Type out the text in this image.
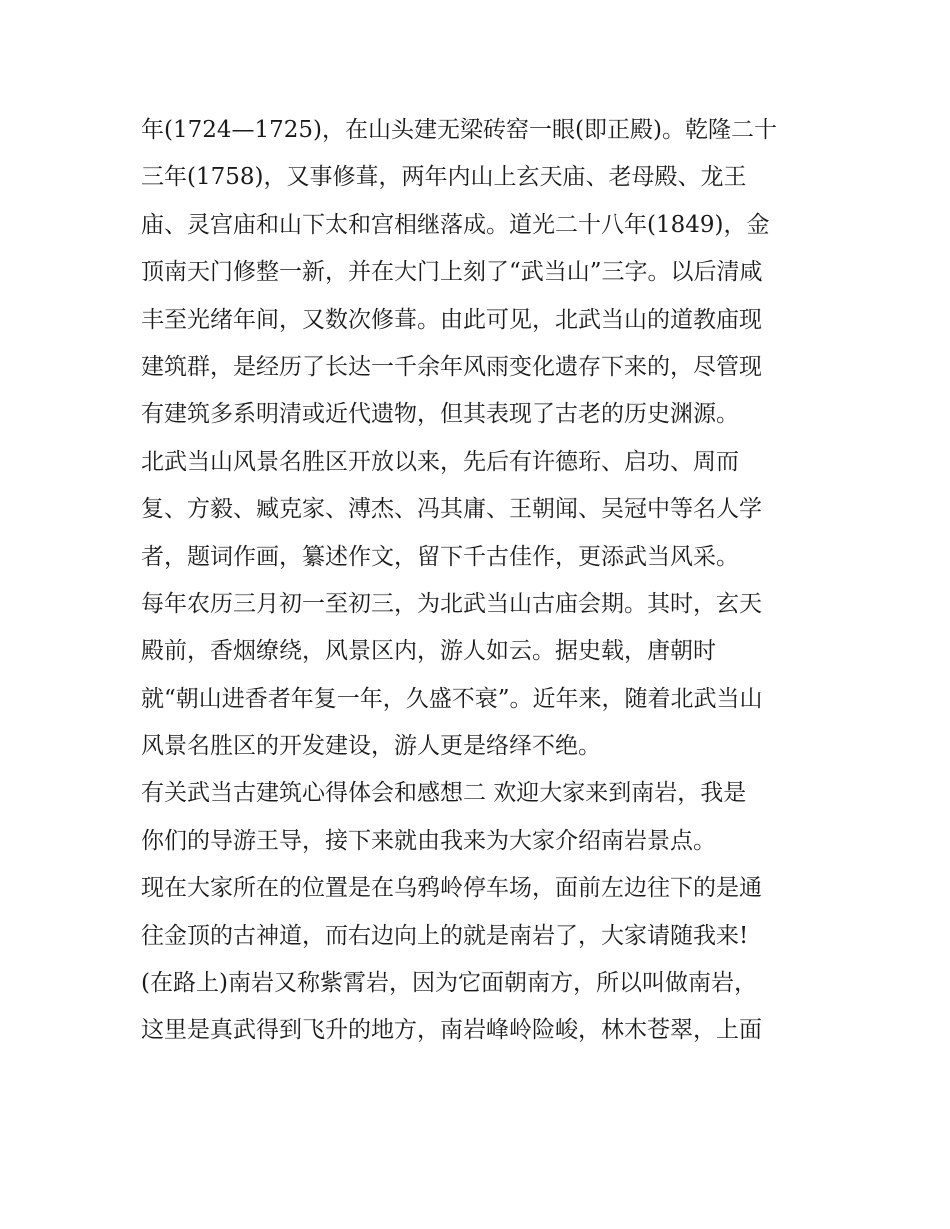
年(1724—1725)，在山头建无梁砖窑一眼(即正殿)。乾隆二十
三年(1758)，又事修葺，两年内山上玄天庙、老母殿、龙王
庙、灵宫庙和山下太和宫相继落成。道光二十八年(1849)，金
顶南天门修整一新，并在大门上刻了“武当山”三字。以后清咸
丰至光绪年间，又数次修葺。由此可见，北武当山的道教庙现
建筑群，是经历了长达一千余年风雨变化遗存下来的，尽管现
有建筑多系明清或近代遗物，但其表现了古老的历史渊源。
北武当山风景名胜区开放以来，先后有许德珩、启功、周而
复、方毅、臧克家、溥杰、冯其庸、王朝闻、吴冠中等名人学
者，题词作画，纂述作文，留下千古佳作，更添武当风采。
每年农历三月初一至初三，为北武当山古庙会期。其时，玄天
殿前，香烟缭绕，风景区内，游人如云。据史载，唐朝时
就“朝山进香者年复一年，久盛不衰”。近年来，随着北武当山
风景名胜区的开发建设，游人更是络绎不绝。
有关武当古建筑心得体会和感想二 欢迎大家来到南岩，我是
你们的导游王导，接下来就由我来为大家介绍南岩景点。
现在大家所在的位置是在乌鸦岭停车场，面前左边往下的是通
往金顶的古神道，而右边向上的就是南岩了，大家请随我来!
(在路上)南岩又称紫霄岩，因为它面朝南方，所以叫做南岩，
这里是真武得到飞升的地方，南岩峰岭险峻，林木苍翠，上面
